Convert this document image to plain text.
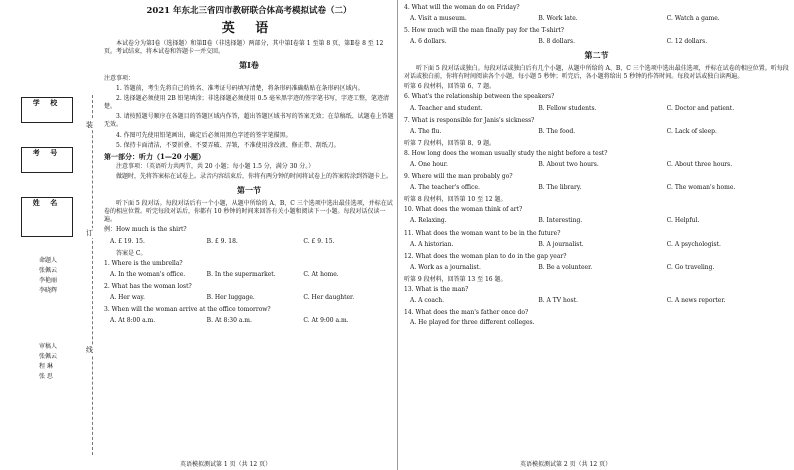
学 校
考 号
姓 名
装
订
线
命题人
张佩云
李艳丽
李晓辉
审稿人
张佩云
程 琳
张 思
2021 年东北三省四市教研联合体高考模拟试卷（二）
英 语
本试卷分为第Ⅰ卷（选择题）和第Ⅱ卷（非选择题）两部分，其中第Ⅰ卷第 1 至第 8 页，第Ⅱ卷 8 至 12 页。考试结束，将本试卷和答题卡一并交回。
第Ⅰ卷
注意事项：
1. 答题前，考生先将自己的姓名、准考证号码填写清楚，将条形码准确粘贴在条形码区域内。
2. 选择题必须使用 2B 铅笔填涂；非选择题必须使用 0.5 毫米黑字迹的签字笔书写，字迹工整，笔迹清楚。
3. 请按照题号顺序在各题目的答题区域内作答，超出答题区域书写的答案无效；在草稿纸、试题卷上答题无效。
4. 作图可先使用铅笔画出，确定后必须用黑色字迹的签字笔描黑。
5. 保持卡面清洁，不要折叠、不要弄破、弄皱，不准使用涂改液、修正带、刮纸刀。
第一部分：听力（1—20 小题）
注意事项：（英语听力共两节，共 20 小题；每小题 1.5 分，满分 30 分。）
做题时，先将答案标在试卷上。录音内容结束后，你将有两分钟的时间将试卷上的答案转涂到答题卡上。
第一节
听下面 5 段对话。每段对话后有一个小题，从题中所给的 A、B、C 三个选项中选出最佳选项，并标在试卷的相应位置。听完每段对话后，你都有 10 秒钟的时间来回答有关小题和阅读下一小题。每段对话仅读一遍。
例：How much is the shirt?
A. £ 19. 15.	B. £ 9. 18.	C. £ 9. 15.
答案是 C。
1. Where is the umbrella?
A. In the woman's office.	B. In the supermarket.	C. At home.
2. What has the woman lost?
A. Her way.	B. Her luggage.	C. Her daughter.
3. When will the woman arrive at the office tomorrow?
A. At 8:00 a.m.	B. At 8:30 a.m.	C. At 9:00 a.m.
英语模拟测试第 1 页（共 12 页）
4. What will the woman do on Friday?
A. Visit a museum.	B. Work late.	C. Watch a game.
5. How much will the man finally pay for the T-shirt?
A. 6 dollars.	B. 8 dollars.	C. 12 dollars.
第二节
听下面 5 段对话或独白。每段对话或独白后有几个小题，从题中所给的 A、B、C 三个选项中选出最佳选项，并标在试卷的相应位置。听每段对话或独白前，你将有时间阅读各个小题，每小题 5 秒钟；听完后，各小题将给出 5 秒钟的作答时间。每段对话或独白读两遍。
听第 6 段材料，回答第 6、7 题。
6. What's the relationship between the speakers?
A. Teacher and student.	B. Fellow students.	C. Doctor and patient.
7. What is responsible for Janis's sickness?
A. The flu.	B. The food.	C. Lack of sleep.
听第 7 段材料，回答第 8、9 题。
8. How long does the woman usually study the night before a test?
A. One hour.	B. About two hours.	C. About three hours.
9. Where will the man probably go?
A. The teacher's office.	B. The library.	C. The woman's home.
听第 8 段材料，回答第 10 至 12 题。
10. What does the woman think of art?
A. Relaxing.	B. Interesting.	C. Helpful.
11. What does the woman want to be in the future?
A. A historian.	B. A journalist.	C. A psychologist.
12. What does the woman plan to do in the gap year?
A. Work as a journalist.	B. Be a volunteer.	C. Go traveling.
听第 9 段材料，回答第 13 至 16 题。
13. What is the man?
A. A coach.	B. A TV host.	C. A news reporter.
14. What does the man's father once do?
A. He played for three different colleges.
英语模拟测试第 2 页（共 12 页）
